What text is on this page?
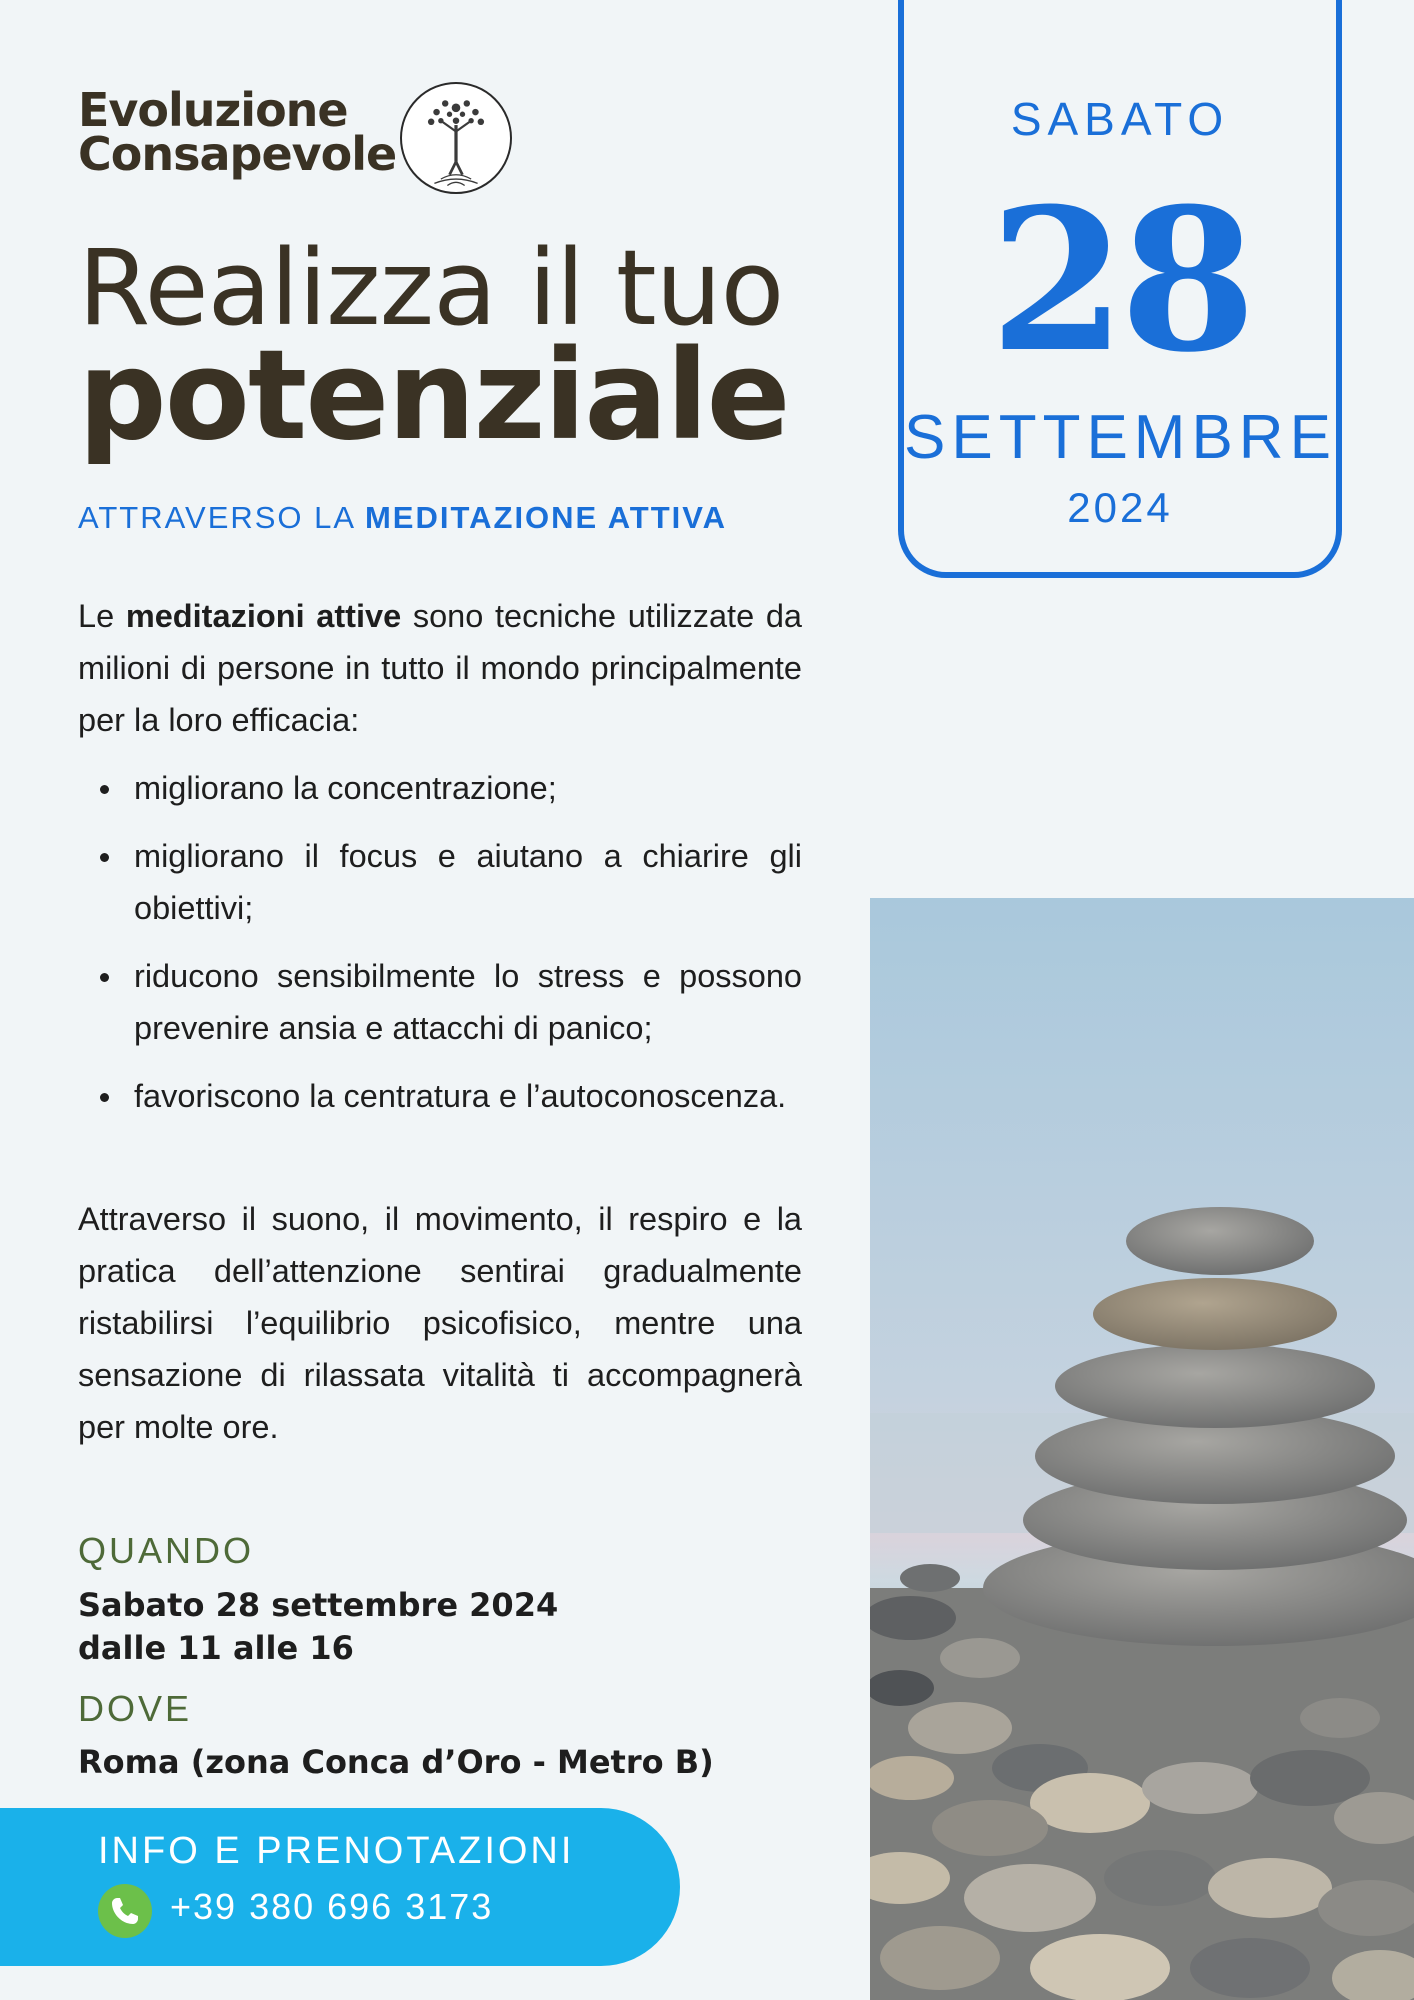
Evoluzione
Consapevole
Realizza il tuo
potenziale
ATTRAVERSO LA MEDITAZIONE ATTIVA
SABATO
28
SETTEMBRE
2024

Le meditazioni attive sono tecniche utilizzate da milioni di persone in tutto il mondo principalmente per la loro efficacia:

migliorano la concentrazione;
migliorano il focus e aiutano a chiarire gli obiettivi;
riducono sensibilmente lo stress e possono prevenire ansia e attacchi di panico;
favoriscono la centratura e l’autoconoscenza.

Attraverso il suono, il movimento, il respiro e la pratica dell’attenzione sentirai gradualmente ristabilirsi l’equilibrio psicofisico, mentre una sensazione di rilassata vitalità ti accompagnerà per molte ore.

QUANDO
Sabato 28 settembre 2024
dalle 11 alle 16
DOVE
Roma (zona Conca d’Oro - Metro B)
INFO E PRENOTAZIONI
+39 380 696 3173
